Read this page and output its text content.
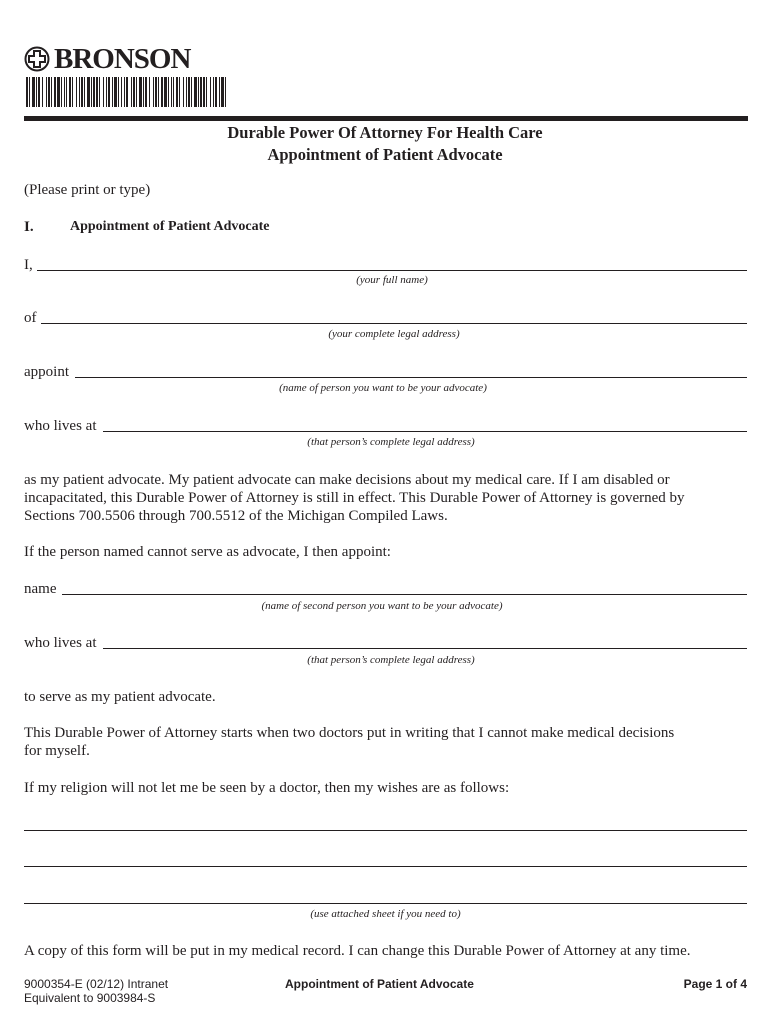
BRONSON
Durable Power Of Attorney For Health Care
Appointment of Patient Advocate
(Please print or type)
I.	Appointment of Patient Advocate
I,
(your full name)
of
(your complete legal address)
appoint
(name of person you want to be your advocate)
who lives at
(that person’s complete legal address)
as my patient advocate. My patient advocate can make decisions about my medical care. If I am disabled or
incapacitated, this Durable Power of Attorney is still in effect. This Durable Power of Attorney is governed by
Sections 700.5506 through 700.5512 of the Michigan Compiled Laws.
If the person named cannot serve as advocate, I then appoint:
name
(name of second person you want to be your advocate)
who lives at
(that person’s complete legal address)
to serve as my patient advocate.
This Durable Power of Attorney starts when two doctors put in writing that I cannot make medical decisions
for myself.
If my religion will not let me be seen by a doctor, then my wishes are as follows:
(use attached sheet if you need to)
A copy of this form will be put in my medical record. I can change this Durable Power of Attorney at any time.
9000354-E (02/12) Intranet
Equivalent to 9003984-S
Appointment of Patient Advocate	Page 1 of 4
